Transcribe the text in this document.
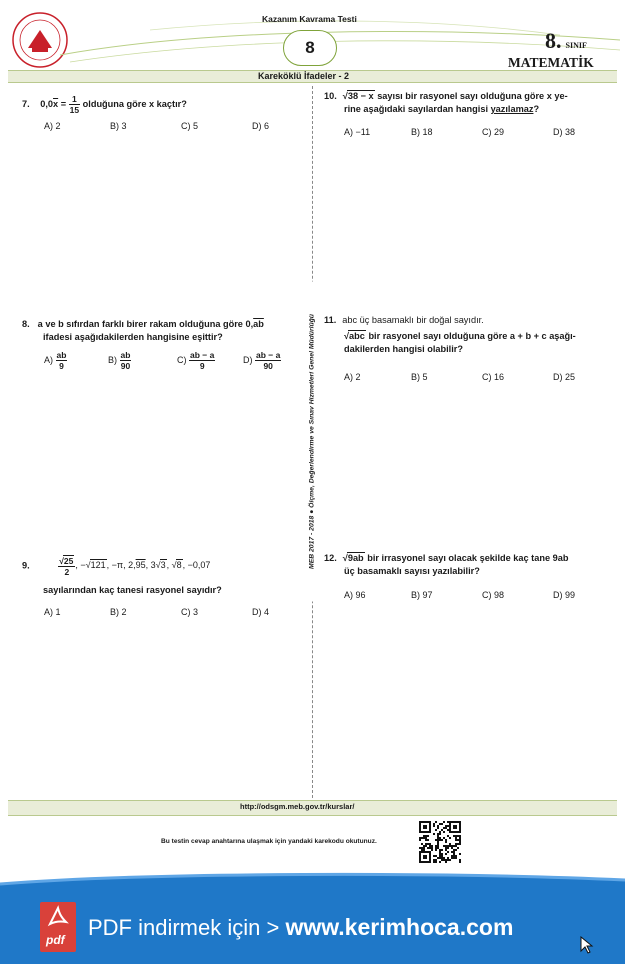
Kazanım Kavrama Testi
8	8. SINIF
MATEMATİK
Kareköklü İfadeler - 2
MEB 2017 - 2018 ● Ölçme, Değerlendirme ve Sınav Hizmetleri Genel Müdürlüğü
7. $0,0\overline{x} = \frac{1}{15}$ olduğuna göre x kaçtır?
A) 2	B) 3	C) 5	D) 6
8. a ve b sıfırdan farklı birer rakam olduğuna göre $0,\overline{ab}$
ifadesi aşağıdakilerden hangisine eşittir?
$A) \frac{ab}{9}$	$B) \frac{ab}{90}$	$C) \frac{ab - a}{9}$	$D) \frac{ab - a}{90}$
9.	$\frac{√25}{2}$ , −√121, −π, 2,95, 3√3, √8, −0,07
sayılarından kaç tanesi rasyonel sayıdır?
A) 1	B) 2	C) 3	D) 4
10. √38 − x sayısı bir rasyonel sayı olduğuna göre x ye-
rine aşağıdaki sayılardan hangisi yazılamaz?
A) −11	B) 18	C) 29	D) 38
11. abc üç basamaklı bir doğal sayıdır.
√abc bir rasyonel sayı olduğuna göre a + b + c aşağı-
dakilerden hangisi olabilir?
A) 2	B) 5	C) 16	D) 25
12. √9ab bir irrasyonel sayı olacak şekilde kaç tane 9ab
üç basamaklı sayısı yazılabilir?
A) 96	B) 97	C) 98	D) 99
http://odsgm.meb.gov.tr/kurslar/
Bu testin cevap anahtarına ulaşmak için yandaki karekodu okutunuz.
pdf PDF indirmek için > www.kerimhoca.com
